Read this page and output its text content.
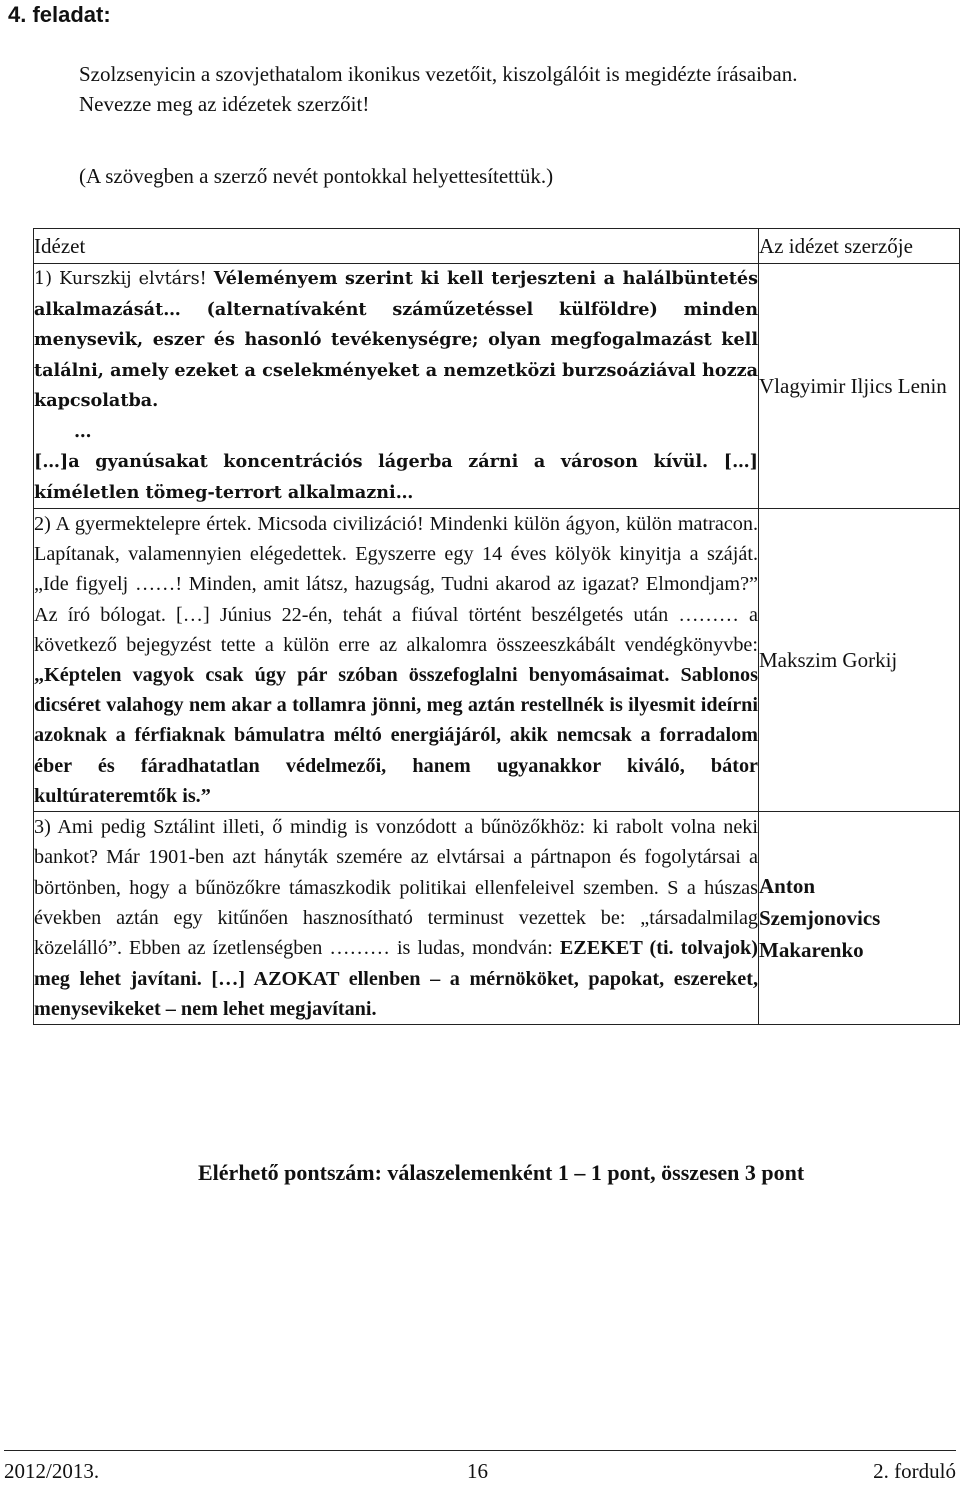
4. feladat:
Szolzsenyicin a szovjethatalom ikonikus vezetőit, kiszolgálóit is megidézte írásaiban.
Nevezze meg az idézetek szerzőit!
(A szövegben a szerző nevét pontokkal helyettesítettük.)
Idézet	Az idézet szerzője

1) Kurszkij elvtárs! Véleményem szerint ki kell terjeszteni a halálbüntetés alkalmazását… (alternatívaként száműzetéssel külföldre) minden menysevik, eszer és hasonló tevékenységre; olyan megfogalmazást kell találni, amely ezeket a cselekményeket a nemzetközi burzsoáziával hozza kapcsolatba.

…

[…]a gyanúsakat koncentrációs lágerba zárni a városon kívül. […] kíméletlen tömeg-terrort alkalmazni…	Vlagyimir Iljics Lenin

2) A gyermektelepre értek. Micsoda civilizáció! Mindenki külön ágyon, külön matracon. Lapítanak, valamennyien elégedettek. Egyszerre egy 14 éves kölyök kinyitja a száját. „Ide figyelj ……! Minden, amit látsz, hazugság, Tudni akarod az igazat? Elmondjam?” Az író bólogat. […] Június 22-én, tehát a fiúval történt beszélgetés után ……… a következő bejegyzést tette a külön erre az alkalomra összeeszkábált vendégkönyvbe: „Képtelen vagyok csak úgy pár szóban összefoglalni benyomásaimat. Sablonos dicséret valahogy nem akar a tollamra jönni, meg aztán restellnék is ilyesmit ideírni azoknak a férfiaknak bámulatra méltó energiájáról, akik nemcsak a forradalom éber és fáradhatatlan védelmezői, hanem ugyanakkor kiváló, bátor kultúrateremtők is.”	Makszim Gorkij

3) Ami pedig Sztálint illeti, ő mindig is vonzódott a bűnözőkhöz: ki rabolt volna neki bankot? Már 1901-ben azt hányták szemére az elvtársai a pártnapon és fogolytársai a börtönben, hogy a bűnözőkre támaszkodik politikai ellenfeleivel szemben. S a húszas években aztán egy kitűnően hasznosítható terminust vezettek be: „társadalmilag közelálló”. Ebben az ízetlenségben ……… is ludas, mondván: EZEKET (ti. tolvajok) meg lehet javítani. […] AZOKAT ellenben – a mérnököket, papokat, eszereket, menysevikeket – nem lehet megjavítani.	Anton Szemjonovics Makarenko

Elérhető pontszám: válaszelemenként 1 – 1 pont, összesen 3 pont

2012/2013.	16	2. forduló
